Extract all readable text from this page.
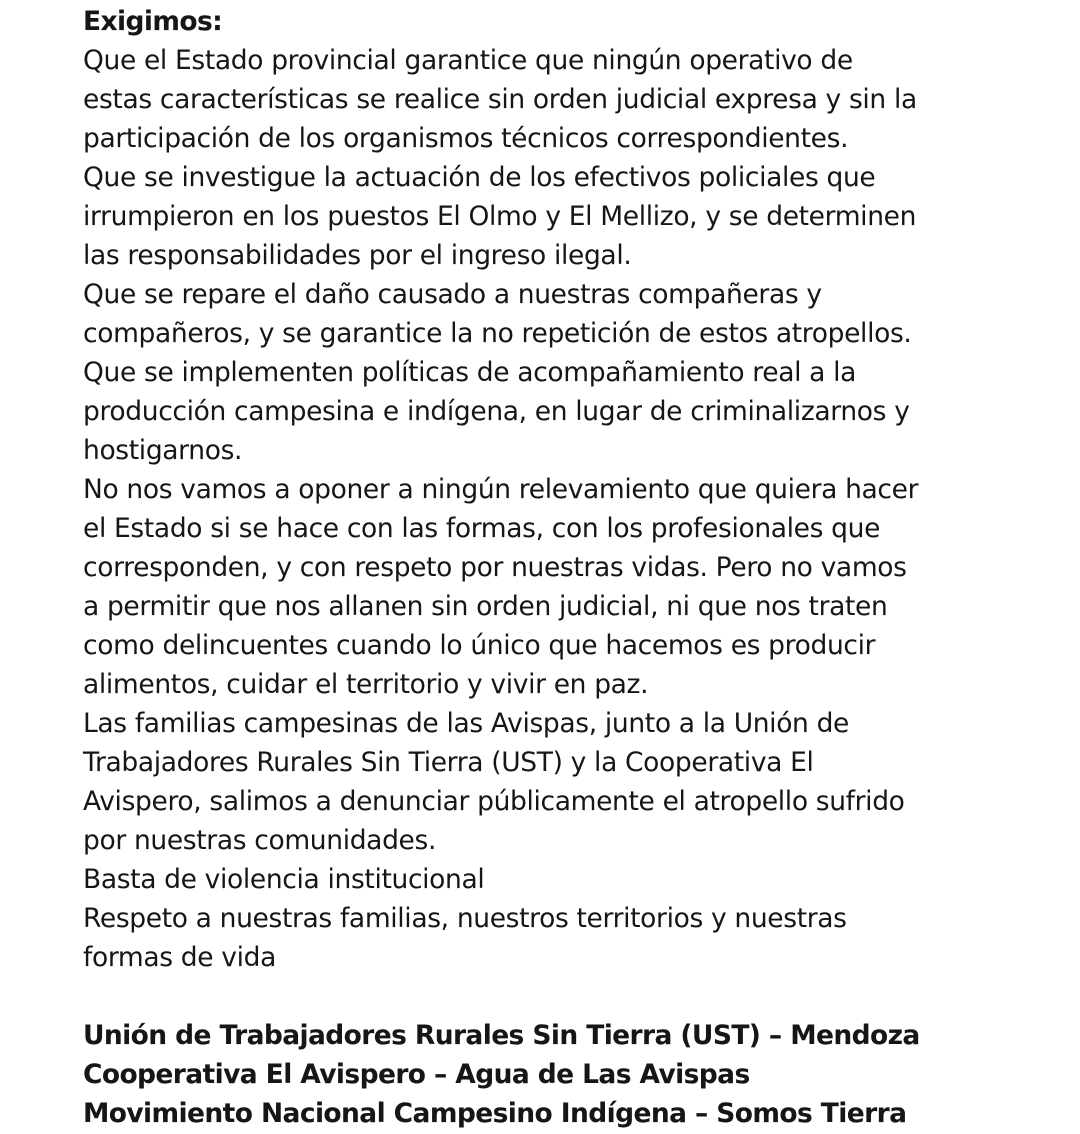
Exigimos:
Que el Estado provincial garantice que ningún operativo de
estas características se realice sin orden judicial expresa y sin la
participación de los organismos técnicos correspondientes.
Que se investigue la actuación de los efectivos policiales que
irrumpieron en los puestos El Olmo y El Mellizo, y se determinen
las responsabilidades por el ingreso ilegal.
Que se repare el daño causado a nuestras compañeras y
compañeros, y se garantice la no repetición de estos atropellos.
Que se implementen políticas de acompañamiento real a la
producción campesina e indígena, en lugar de criminalizarnos y
hostigarnos.
No nos vamos a oponer a ningún relevamiento que quiera hacer
el Estado si se hace con las formas, con los profesionales que
corresponden, y con respeto por nuestras vidas. Pero no vamos
a permitir que nos allanen sin orden judicial, ni que nos traten
como delincuentes cuando lo único que hacemos es producir
alimentos, cuidar el territorio y vivir en paz.
Las familias campesinas de las Avispas, junto a la Unión de
Trabajadores Rurales Sin Tierra (UST) y la Cooperativa El
Avispero, salimos a denunciar públicamente el atropello sufrido
por nuestras comunidades.
Basta de violencia institucional
Respeto a nuestras familias, nuestros territorios y nuestras
formas de vida
Unión de Trabajadores Rurales Sin Tierra (UST) – Mendoza
Cooperativa El Avispero – Agua de Las Avispas
Movimiento Nacional Campesino Indígena – Somos Tierra
